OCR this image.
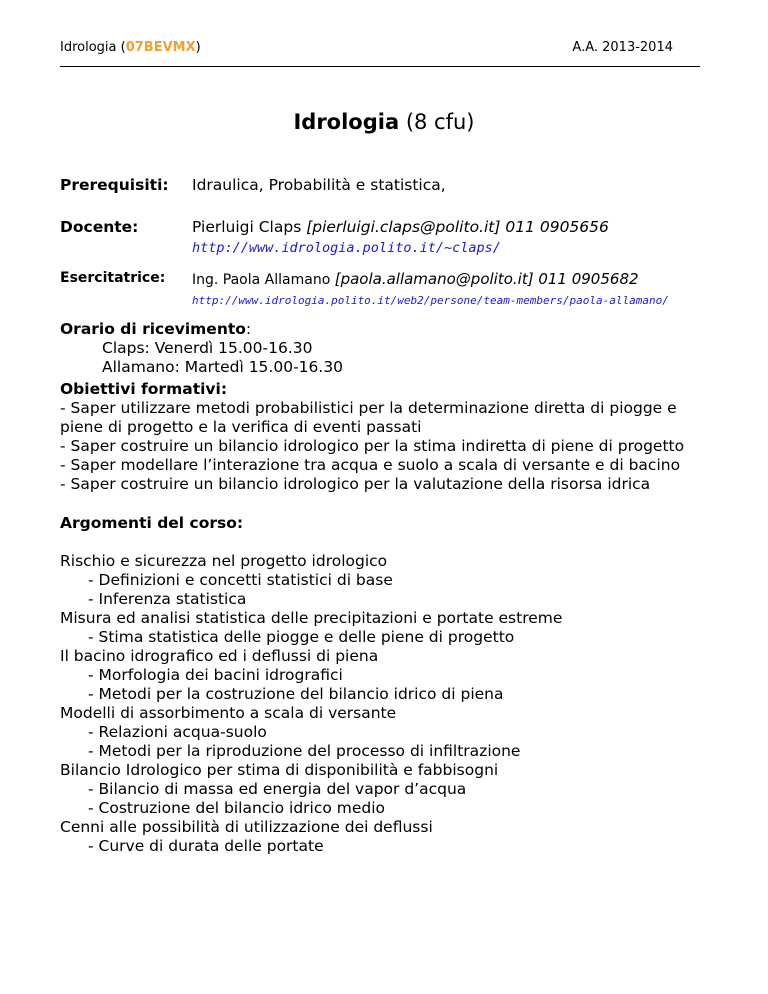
Idrologia (07BEVMX)	A.A. 2013-2014
Idrologia (8 cfu)
Prerequisiti: Idraulica, Probabilità e statistica,
Docente:	Pierluigi Claps [pierluigi.claps@polito.it] 011 0905656
http://www.idrologia.polito.it/~claps/
Esercitatrice: Ing. Paola Allamano [paola.allamano@polito.it] 011 0905682
http://www.idrologia.polito.it/web2/persone/team-members/paola-allamano/
Orario di ricevimento:
Claps: Venerdì 15.00-16.30
Allamano: Martedì 15.00-16.30
Obiettivi formativi:
- Saper utilizzare metodi probabilistici per la determinazione diretta di piogge e
piene di progetto e la verifica di eventi passati
- Saper costruire un bilancio idrologico per la stima indiretta di piene di progetto
- Saper modellare l’interazione tra acqua e suolo a scala di versante e di bacino
- Saper costruire un bilancio idrologico per la valutazione della risorsa idrica
Argomenti del corso:
Rischio e sicurezza nel progetto idrologico
- Definizioni e concetti statistici di base
- Inferenza statistica
Misura ed analisi statistica delle precipitazioni e portate estreme
- Stima statistica delle piogge e delle piene di progetto
Il bacino idrografico ed i deflussi di piena
- Morfologia dei bacini idrografici
- Metodi per la costruzione del bilancio idrico di piena
Modelli di assorbimento a scala di versante
- Relazioni acqua-suolo
- Metodi per la riproduzione del processo di infiltrazione
Bilancio Idrologico per stima di disponibilità e fabbisogni
- Bilancio di massa ed energia del vapor d’acqua
- Costruzione del bilancio idrico medio
Cenni alle possibilità di utilizzazione dei deflussi
- Curve di durata delle portate
